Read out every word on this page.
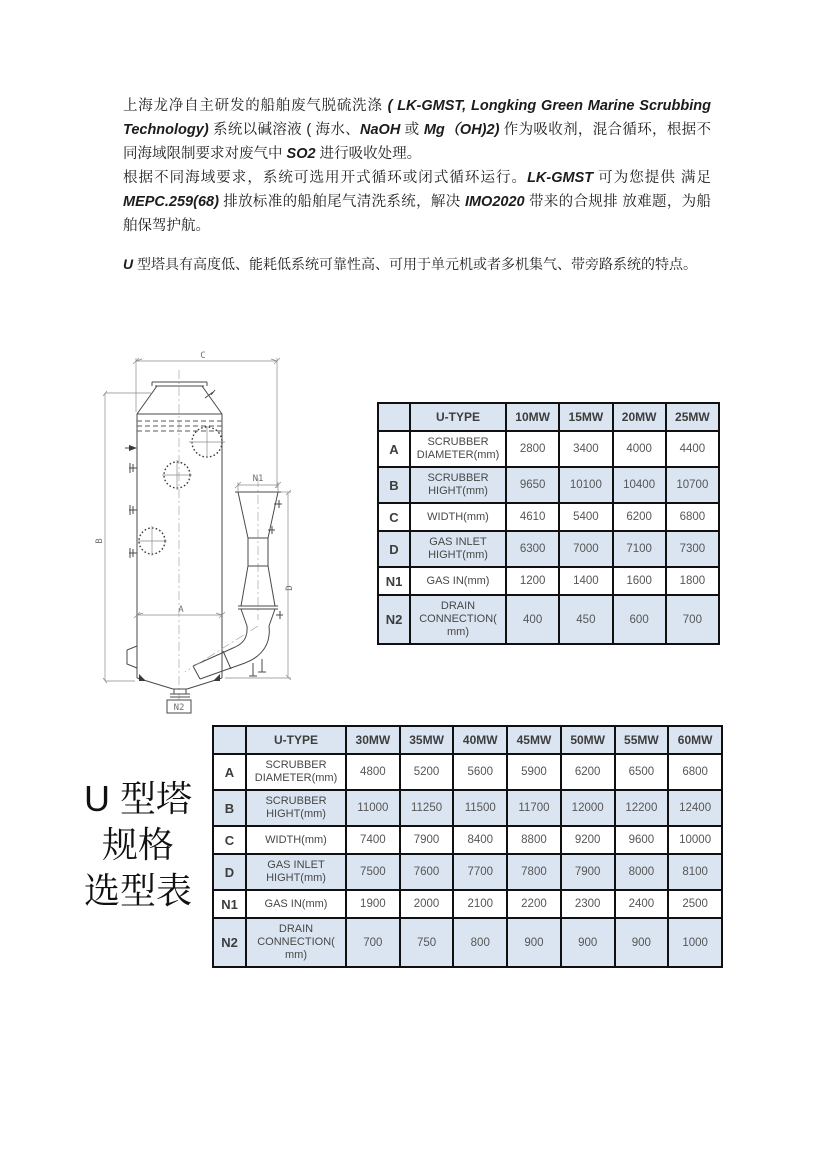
上海龙净自主研发的船舶废气脱硫洗涤 ( LK-GMST, Longking Green Marine Scrubbing Technology) 系统以碱溶液 ( 海水、NaOH 或 Mg（OH)2) 作为吸收剂，混合循环，根据不同海域限制要求对废气中 SO2 进行吸收处理。

根据不同海域要求，系统可选用开式循环或闭式循环运行。LK-GMST 可为您提供 满足 MEPC.259(68) 排放标准的船舶尾气清洗系统，解决 IMO2020 带来的合规排 放难题，为船舶保驾护航。

U 型塔具有高度低、能耗低系统可靠性高、可用于单元机或者多机集气、带旁路系统的特点。

C
B
A
N1
D
N2
	U-TYPE	10MW	15MW	20MW	25MW
A	SCRUBBER DIAMETER(mm)	2800	3400	4000	4400
B	SCRUBBER HIGHT(mm)	9650	10100	10400	10700
C	WIDTH(mm)	4610	5400	6200	6800
D	GAS INLET HIGHT(mm)	6300	7000	7100	7300
N1	GAS IN(mm)	1200	1400	1600	1800
N2	DRAIN CONNECTION( mm)	400	450	600	700
U 型塔
规格
选型表
	U-TYPE	30MW	35MW	40MW	45MW	50MW	55MW	60MW
A	SCRUBBER DIAMETER(mm)	4800	5200	5600	5900	6200	6500	6800
B	SCRUBBER HIGHT(mm)	11000	11250	11500	11700	12000	12200	12400
C	WIDTH(mm)	7400	7900	8400	8800	9200	9600	10000
D	GAS INLET HIGHT(mm)	7500	7600	7700	7800	7900	8000	8100
N1	GAS IN(mm)	1900	2000	2100	2200	2300	2400	2500
N2	DRAIN CONNECTION( mm)	700	750	800	900	900	900	1000
